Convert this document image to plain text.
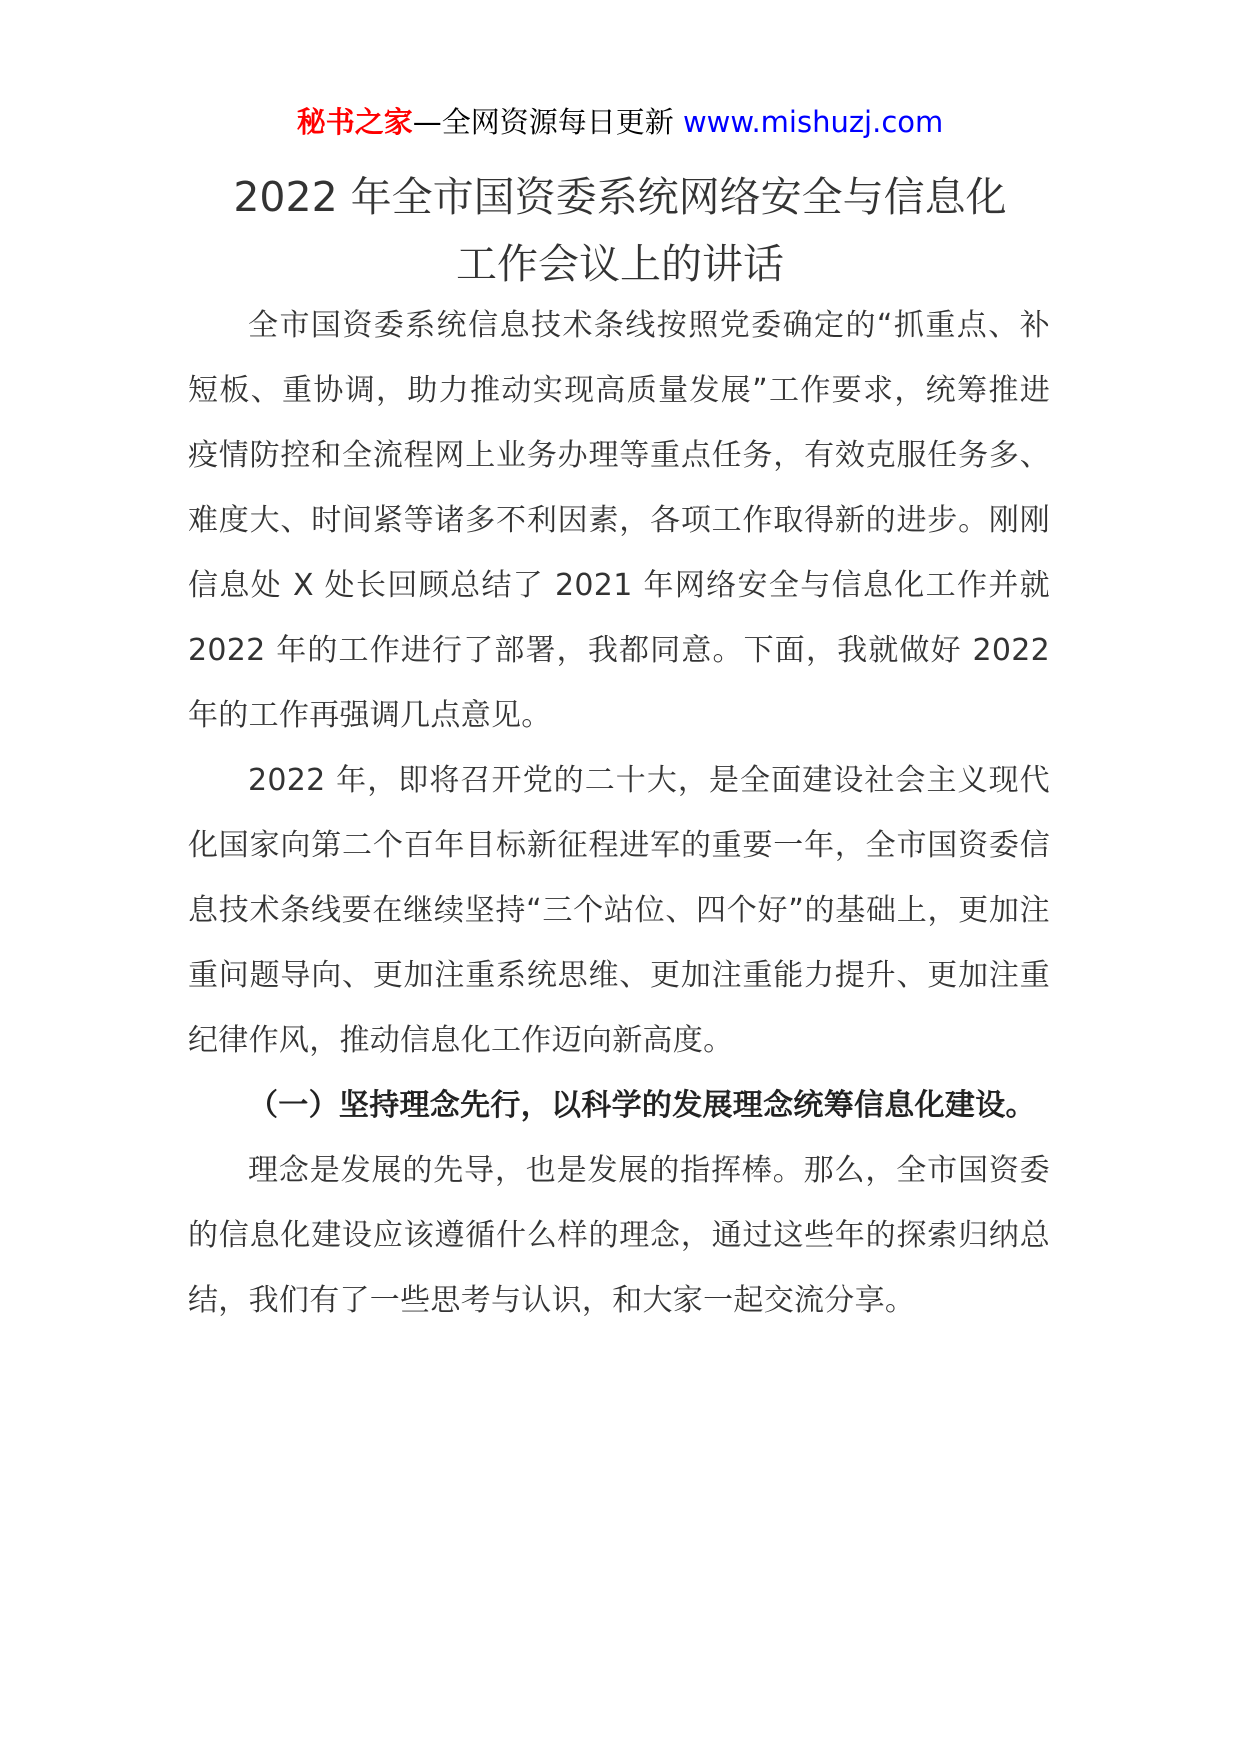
秘书之家—全网资源每日更新 www.mishuzj.com
2022 年全市国资委系统网络安全与信息化
工作会议上的讲话

全市国资委系统信息技术条线按照党委确定的“抓重点、补短板、重协调，助力推动实现高质量发展”工作要求，统筹推进疫情防控和全流程网上业务办理等重点任务，有效克服任务多、难度大、时间紧等诸多不利因素，各项工作取得新的进步。刚刚信息处 X 处长回顾总结了 2021 年网络安全与信息化工作并就 2022 年的工作进行了部署，我都同意。下面，我就做好 2022 年的工作再强调几点意见。

2022 年，即将召开党的二十大，是全面建设社会主义现代化国家向第二个百年目标新征程进军的重要一年，全市国资委信息技术条线要在继续坚持“三个站位、四个好”的基础上，更加注重问题导向、更加注重系统思维、更加注重能力提升、更加注重纪律作风，推动信息化工作迈向新高度。

（一）坚持理念先行，以科学的发展理念统筹信息化建设。

理念是发展的先导，也是发展的指挥棒。那么，全市国资委的信息化建设应该遵循什么样的理念，通过这些年的探索归纳总结，我们有了一些思考与认识，和大家一起交流分享。
